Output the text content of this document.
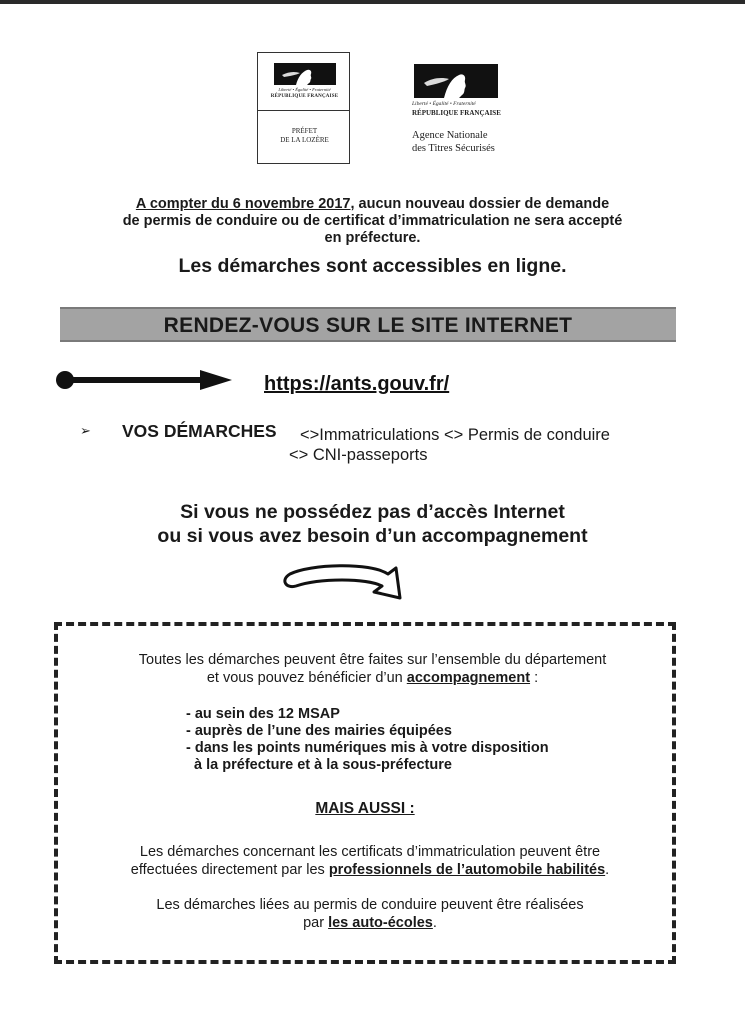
Liberté • Égalité • Fraternité
RÉPUBLIQUE FRANÇAISE
PRÉFET
DE LA LOZÈRE
Liberté • Égalité • Fraternité
RÉPUBLIQUE FRANÇAISE
Agence Nationale
des Titres Sécurisés
A compter du 6 novembre 2017, aucun nouveau dossier de demande
de permis de conduire ou de certificat d’immatriculation ne sera accepté
en préfecture.
Les démarches sont accessibles en ligne.
RENDEZ-VOUS SUR LE SITE INTERNET
https://ants.gouv.fr/
➢ VOS DÉMARCHES <>Immatriculations <> Permis de conduire
<> CNI-passeports
Si vous ne possédez pas d’accès Internet
ou si vous avez besoin d’un accompagnement
Toutes les démarches peuvent être faites sur l’ensemble du département
et vous pouvez bénéficier d’un accompagnement :
- au sein des 12 MSAP
- auprès de l’une des mairies équipées
- dans les points numériques mis à votre disposition
à la préfecture et à la sous-préfecture
MAIS AUSSI :
Les démarches concernant les certificats d’immatriculation peuvent être
effectuées directement par les professionnels de l’automobile habilités.
Les démarches liées au permis de conduire peuvent être réalisées
par les auto-écoles.
